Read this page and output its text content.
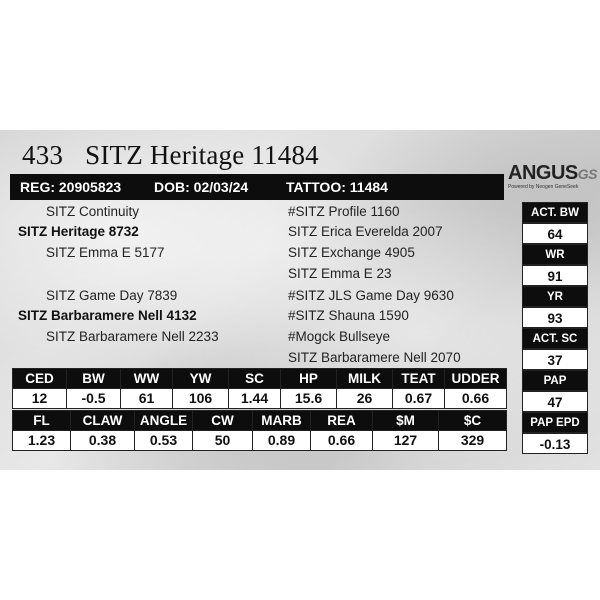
433 SITZ Heritage 11484
ANGUSGS
Powered by Neogen GeneSeek
REG: 20905823 DOB: 02/03/24	TATTOO: 11484
SITZ Continuity
SITZ Heritage 8732
SITZ Emma E 5177
SITZ Game Day 7839
SITZ Barbaramere Nell 4132
SITZ Barbaramere Nell 2233
#SITZ Profile 1160
SITZ Erica Everelda 2007
SITZ Exchange 4905
SITZ Emma E 23
#SITZ JLS Game Day 9630
#SITZ Shauna 1590
#Mogck Bullseye
SITZ Barbaramere Nell 2070
CED	BW	WW	YW	SC	HP	MILK	TEAT	UDDER
12	-0.5	61	106	1.44	15.6	26	0.67	0.66
FL	CLAW	ANGLE	CW	MARB	REA	$M	$C
1.23	0.38	0.53	50	0.89	0.66	127	329
ACT. BW
64
WR
91
YR
93
ACT. SC
37
PAP
47
PAP EPD
-0.13
